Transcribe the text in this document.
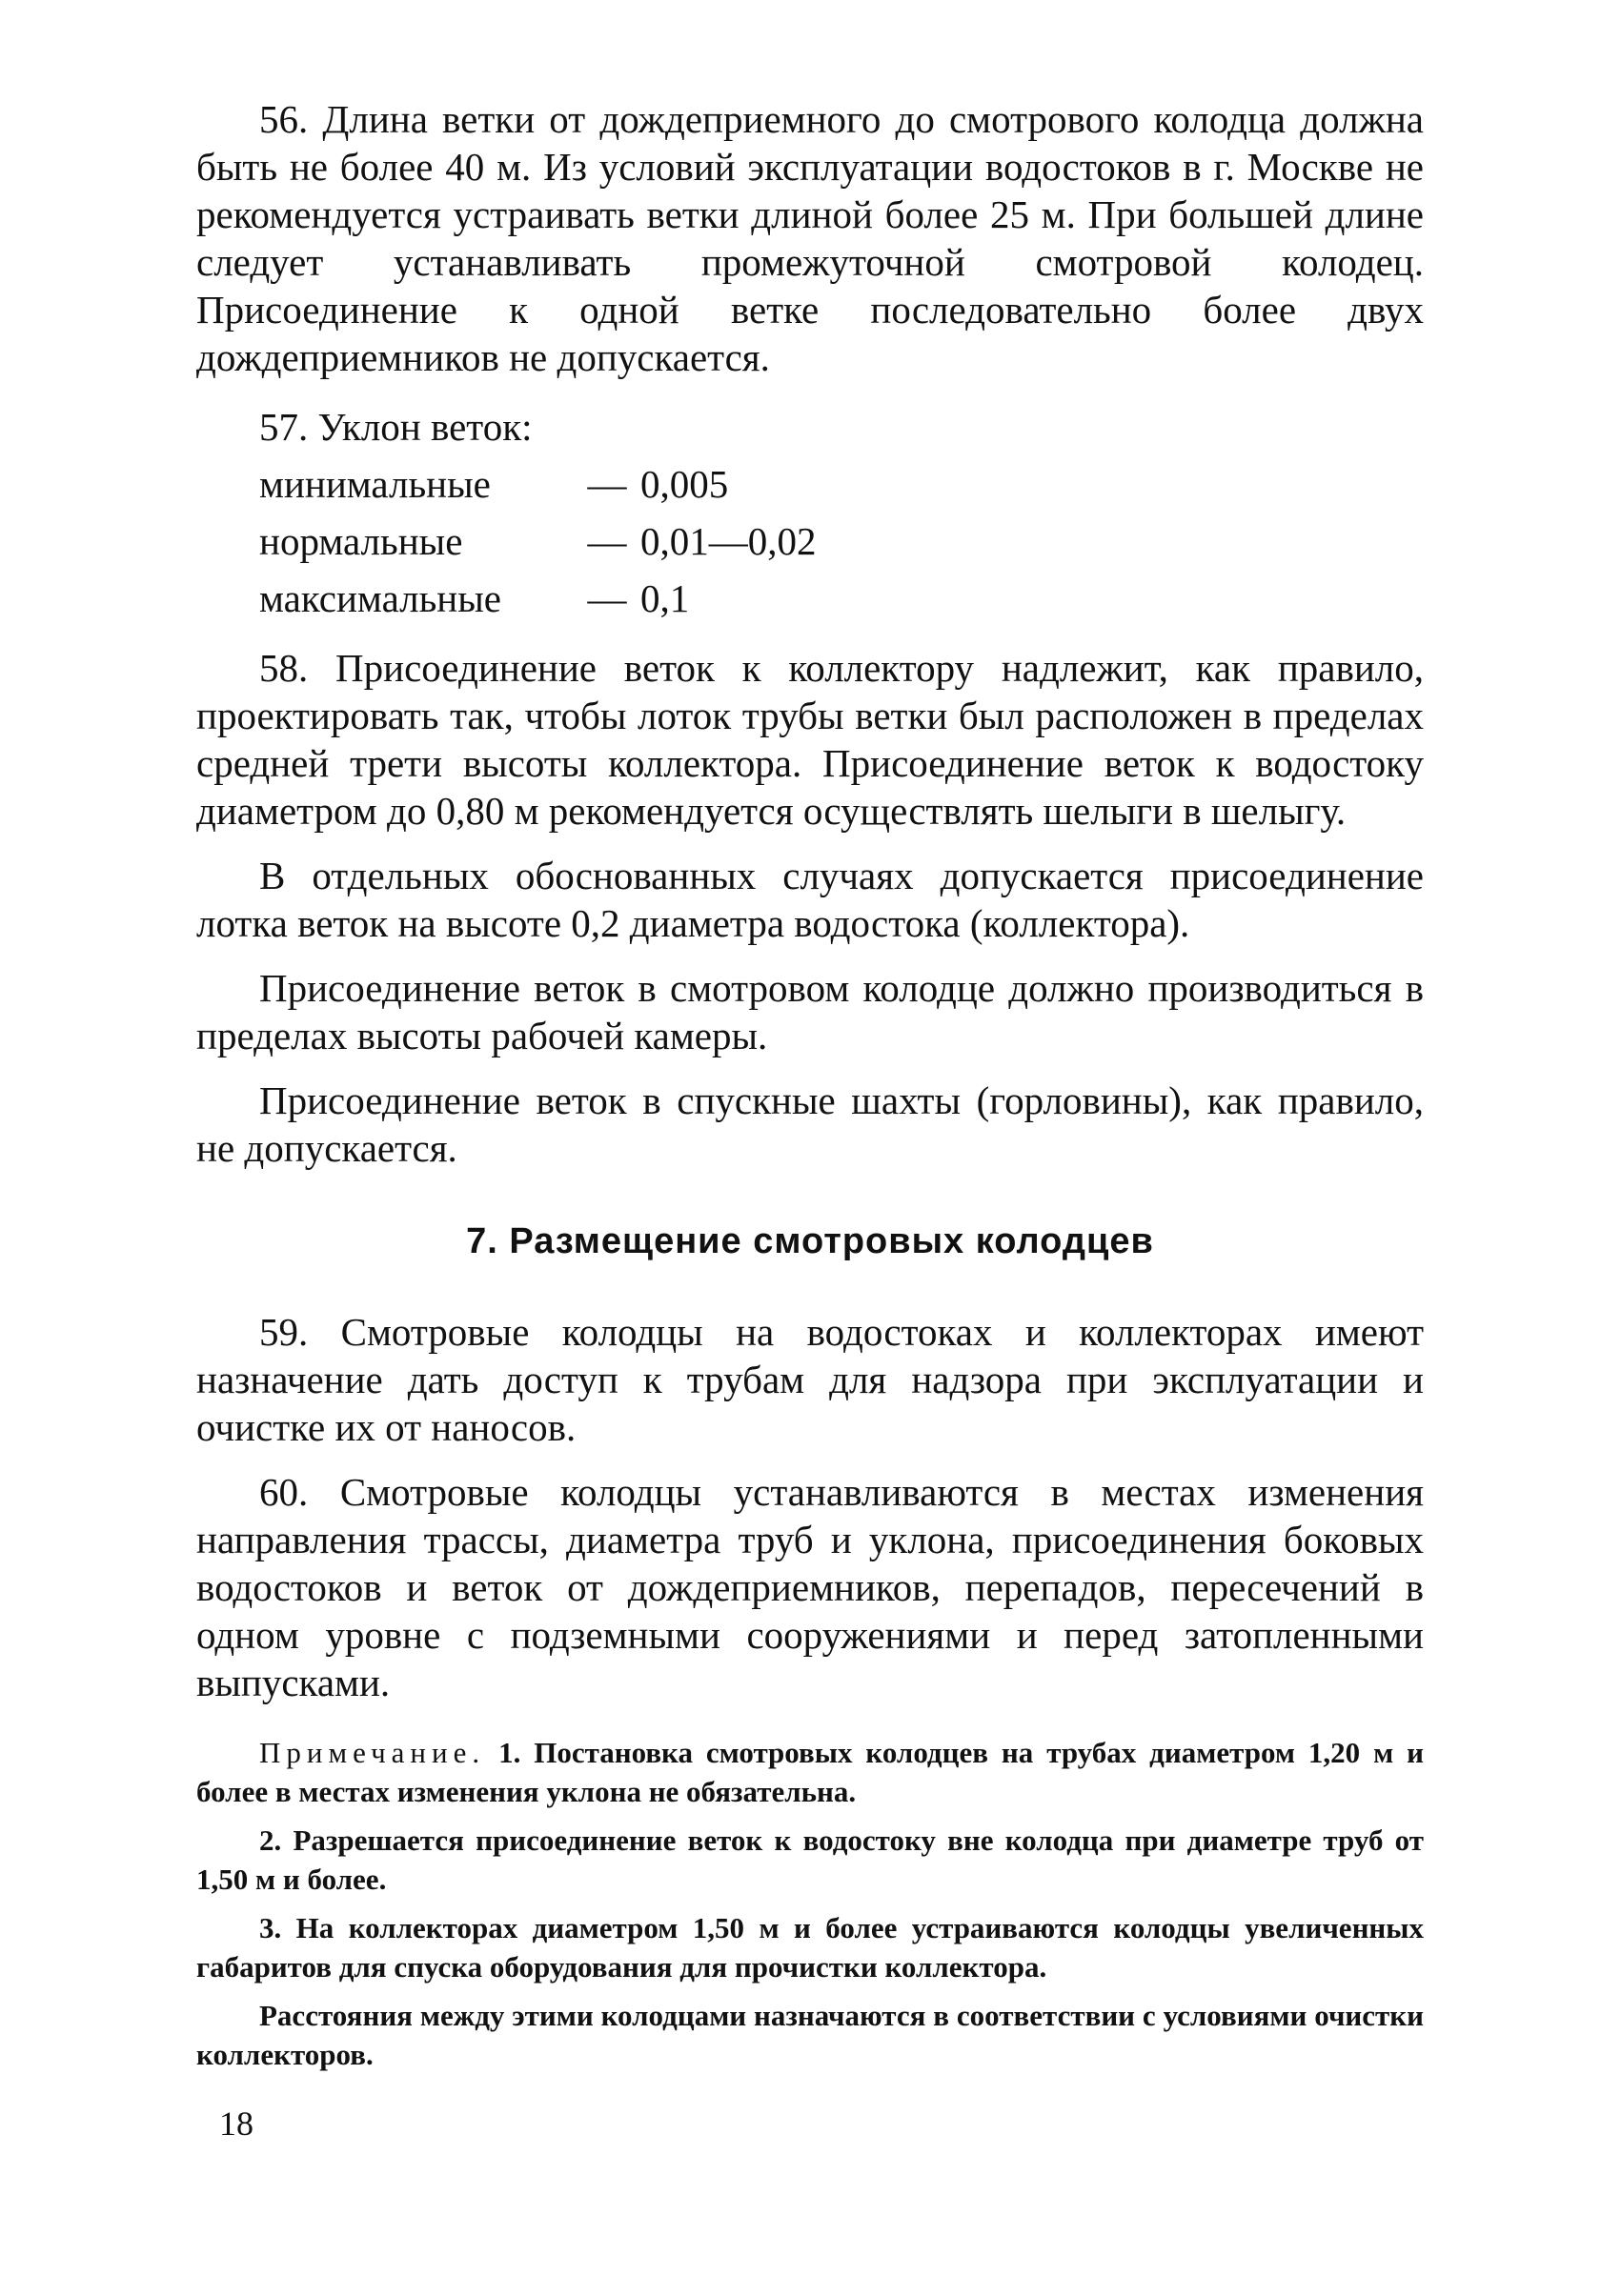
56. Длина ветки от дождеприемного до смотрового колодца должна быть не более 40 м. Из условий эксплуатации водостоков в г. Москве не рекомендуется устраивать ветки длиной более 25 м. При большей длине следует устанавливать промежуточной смотровой колодец. Присоединение к одной ветке последовательно более двух дождеприемников не допускается.

57. Уклон веток:

минимальные	— 0,005
нормальные	— 0,01—0,02
максимальные	— 0,1

58. Присоединение веток к коллектору надлежит, как правило, проектировать так, чтобы лоток трубы ветки был расположен в пределах средней трети высоты коллектора. Присоединение веток к водостоку диаметром до 0,80 м рекомендуется осуществлять шелыги в шелыгу.

В отдельных обоснованных случаях допускается присоединение лотка веток на высоте 0,2 диаметра водостока (коллектора).

Присоединение веток в смотровом колодце должно производиться в пределах высоты рабочей камеры.

Присоединение веток в спускные шахты (горловины), как правило, не допускается.

7. Размещение смотровых колодцев

59. Смотровые колодцы на водостоках и коллекторах имеют назначение дать доступ к трубам для надзора при эксплуатации и очистке их от наносов.

60. Смотровые колодцы устанавливаются в местах изменения направления трассы, диаметра труб и уклона, присоединения боковых водостоков и веток от дождеприемников, перепадов, пересечений в одном уровне с подземными сооружениями и перед затопленными выпусками.

Примечание. 1. Постановка смотровых колодцев на трубах диаметром 1,20 м и более в местах изменения уклона не обязательна.

2. Разрешается присоединение веток к водостоку вне колодца при диаметре труб от 1,50 м и более.

3. На коллекторах диаметром 1,50 м и более устраиваются колодцы увеличенных габаритов для спуска оборудования для прочистки коллектора.

Расстояния между этими колодцами назначаются в соответствии с условиями очистки коллекторов.

18
